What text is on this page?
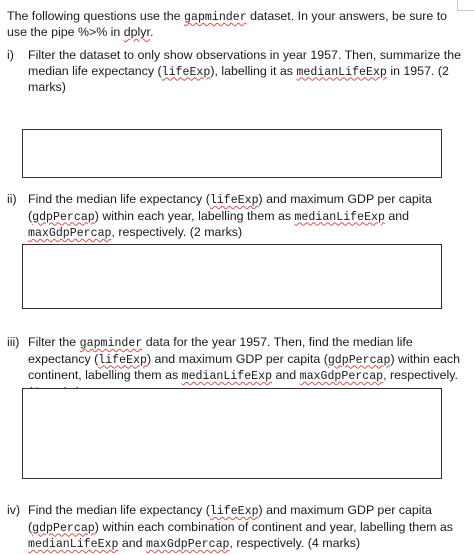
The following questions use the gapminder dataset. In your answers, be sure to use the pipe %>% in dplyr.
i)	Filter the dataset to only show observations in year 1957. Then, summarize the median life expectancy (lifeExp), labelling it as medianLifeExp in 1957. (2 marks)
ii) Find the median life expectancy (lifeExp) and maximum GDP per capita (gdpPercap) within each year, labelling them as medianLifeExp and maxGdpPercap, respectively. (2 marks)
iii) Filter the gapminder data for the year 1957. Then, find the median life expectancy (lifeExp) and maximum GDP per capita (gdpPercap) within each continent, labelling them as medianLifeExp and maxGdpPercap, respectively.
iv) Find the median life expectancy (lifeExp) and maximum GDP per capita (gdpPercap) within each combination of continent and year, labelling them as medianLifeExp and maxGdpPercap, respectively. (4 marks)
